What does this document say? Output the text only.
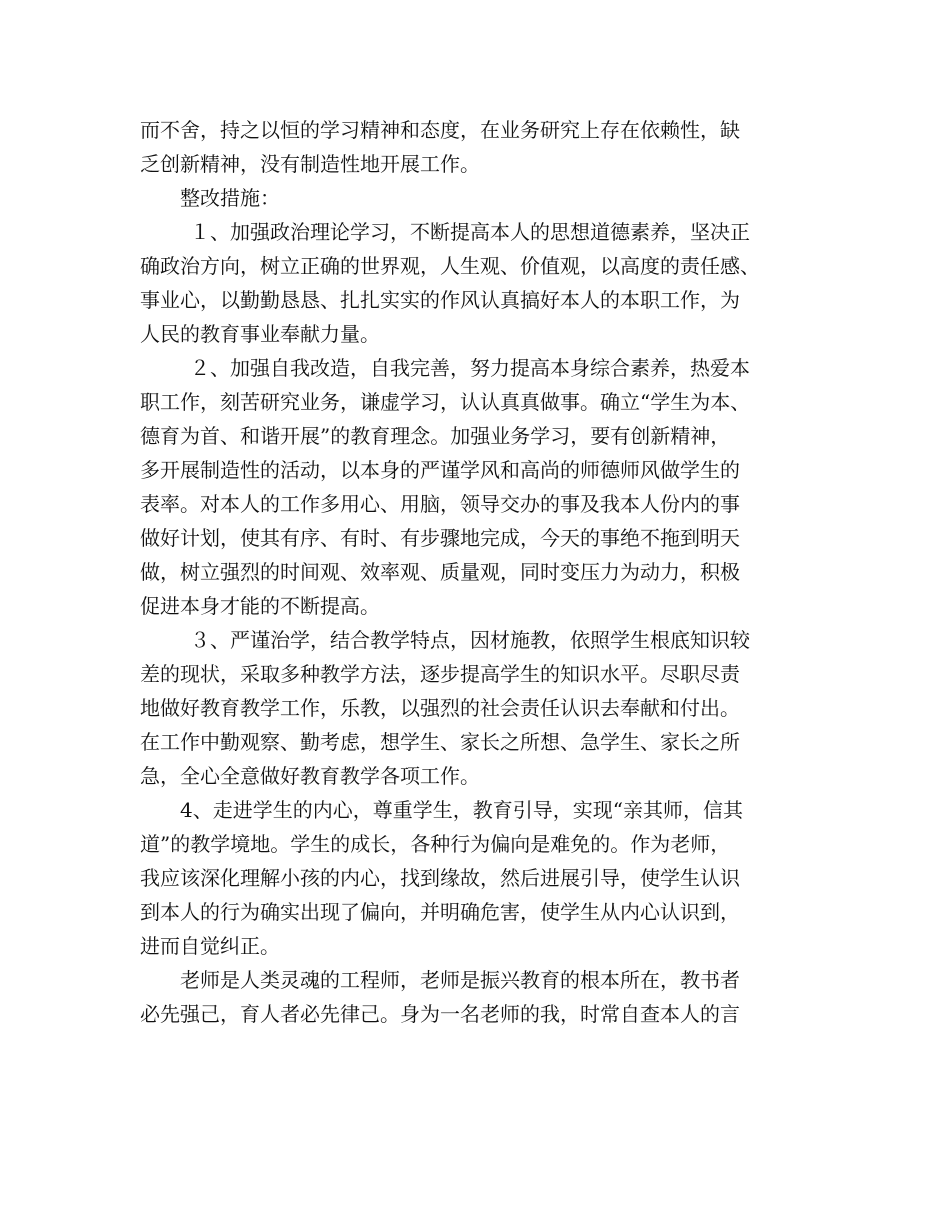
而不舍，持之以恒的学习精神和态度，在业务研究上存在依赖性，缺
乏创新精神，没有制造性地开展工作。
整改措施：
１、加强政治理论学习，不断提高本人的思想道德素养，坚决正
确政治方向，树立正确的世界观，人生观、价值观，以高度的责任感、
事业心，以勤勤恳恳、扎扎实实的作风认真搞好本人的本职工作，为
人民的教育事业奉献力量。
２、加强自我改造，自我完善，努力提高本身综合素养，热爱本
职工作，刻苦研究业务，谦虚学习，认认真真做事。确立“学生为本、
德育为首、和谐开展”的教育理念。加强业务学习，要有创新精神，
多开展制造性的活动，以本身的严谨学风和高尚的师德师风做学生的
表率。对本人的工作多用心、用脑，领导交办的事及我本人份内的事
做好计划，使其有序、有时、有步骤地完成，今天的事绝不拖到明天
做，树立强烈的时间观、效率观、质量观，同时变压力为动力，积极
促进本身才能的不断提高。
３、严谨治学，结合教学特点，因材施教，依照学生根底知识较
差的现状，采取多种教学方法，逐步提高学生的知识水平。尽职尽责
地做好教育教学工作，乐教，以强烈的社会责任认识去奉献和付出。
在工作中勤观察、勤考虑，想学生、家长之所想、急学生、家长之所
急，全心全意做好教育教学各项工作。
4、走进学生的内心，尊重学生，教育引导，实现“亲其师，信其
道”的教学境地。学生的成长，各种行为偏向是难免的。作为老师，
我应该深化理解小孩的内心，找到缘故，然后进展引导，使学生认识
到本人的行为确实出现了偏向，并明确危害，使学生从内心认识到，
进而自觉纠正。
老师是人类灵魂的工程师，老师是振兴教育的根本所在，教书者
必先强己，育人者必先律己。身为一名老师的我，时常自查本人的言
